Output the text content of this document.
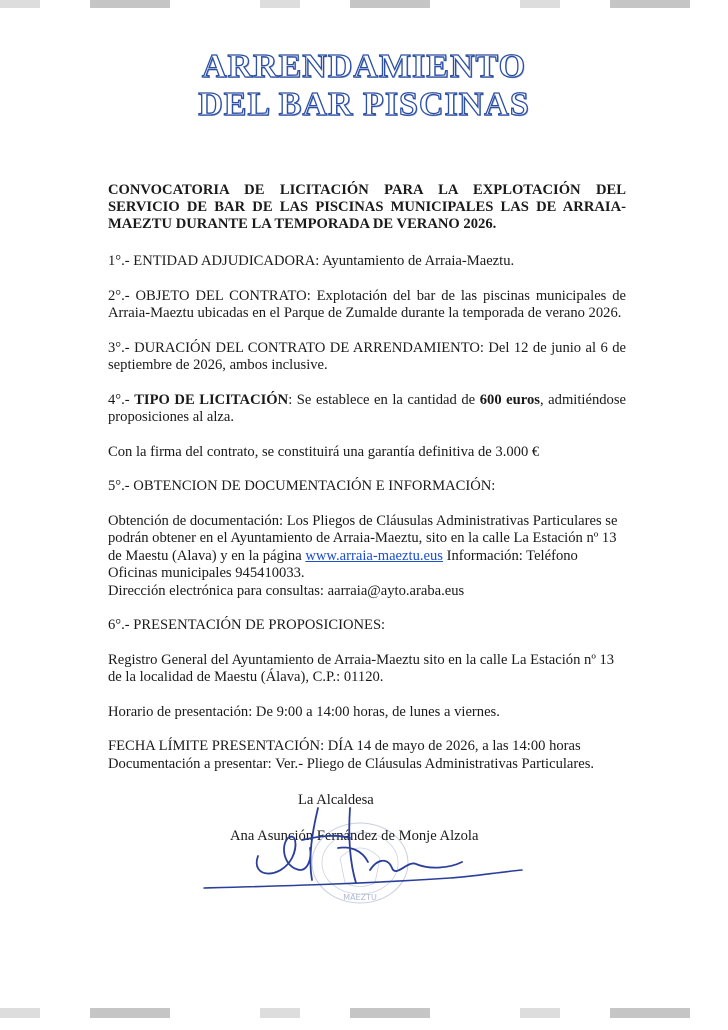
ARRENDAMIENTO
DEL BAR PISCINAS
CONVOCATORIA DE LICITACIÓN PARA LA EXPLOTACIÓN DEL SERVICIO DE BAR DE LAS PISCINAS MUNICIPALES LAS DE ARRAIA-MAEZTU DURANTE LA TEMPORADA DE VERANO 2026.

1°.- ENTIDAD ADJUDICADORA: Ayuntamiento de Arraia-Maeztu.

2°.- OBJETO DEL CONTRATO: Explotación del bar de las piscinas municipales de Arraia-Maeztu ubicadas en el Parque de Zumalde durante la temporada de verano 2026.

3°.- DURACIÓN DEL CONTRATO DE ARRENDAMIENTO: Del 12 de junio al 6 de septiembre de 2026, ambos inclusive.

4°.- TIPO DE LICITACIÓN: Se establece en la cantidad de 600 euros, admitiéndose proposiciones al alza.

Con la firma del contrato, se constituirá una garantía definitiva de 3.000 €

5°.- OBTENCION DE DOCUMENTACIÓN E INFORMACIÓN:

Obtención de documentación: Los Pliegos de Cláusulas Administrativas Particulares se podrán obtener en el Ayuntamiento de Arraia-Maeztu, sito en la calle La Estación nº 13 de Maestu (Alava) y en la página www.arraia-maeztu.eus Información: Teléfono Oficinas municipales 945410033.
Dirección electrónica para consultas: aarraia@ayto.araba.eus

6°.- PRESENTACIÓN DE PROPOSICIONES:

Registro General del Ayuntamiento de Arraia-Maeztu sito en la calle La Estación nº 13 de la localidad de Maestu (Álava), C.P.: 01120.

Horario de presentación: De 9:00 a 14:00 horas, de lunes a viernes.

FECHA LÍMITE PRESENTACIÓN: DÍA 14 de mayo de 2026, a las 14:00 horas
Documentación a presentar: Ver.- Pliego de Cláusulas Administrativas Particulares.

MAEZTU
La Alcaldesa
Ana Asunción Fernández de Monje Alzola
